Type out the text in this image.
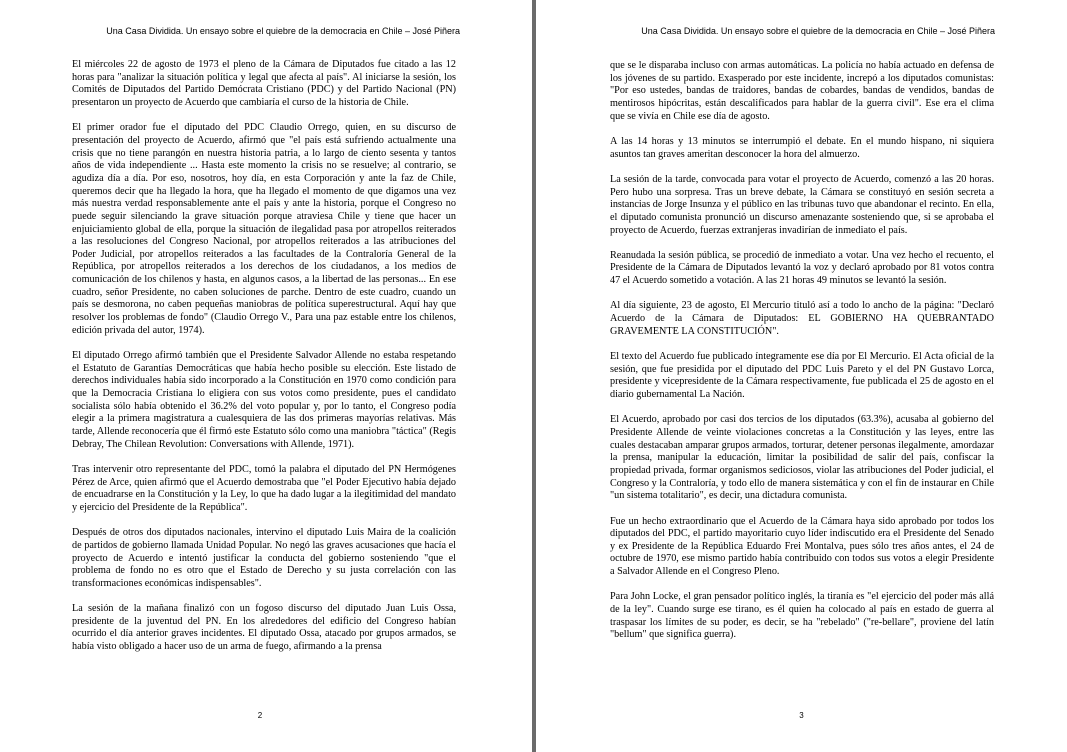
Una Casa Dividida. Un ensayo sobre el quiebre de la democracia en Chile – José Piñera

El miércoles 22 de agosto de 1973 el pleno de la Cámara de Diputados fue citado a las 12 horas para "analizar la situación política y legal que afecta al país". Al iniciarse la sesión, los Comités de Diputados del Partido Demócrata Cristiano (PDC) y del Partido Nacional (PN) presentaron un proyecto de Acuerdo que cambiaría el curso de la historia de Chile.

El primer orador fue el diputado del PDC Claudio Orrego, quien, en su discurso de presentación del proyecto de Acuerdo, afirmó que "el país está sufriendo actualmente una crisis que no tiene parangón en nuestra historia patria, a lo largo de ciento sesenta y tantos años de vida independiente ... Hasta este momento la crisis no se resuelve; al contrario, se agudiza día a día. Por eso, nosotros, hoy día, en esta Corporación y ante la faz de Chile, queremos decir que ha llegado la hora, que ha llegado el momento de que digamos una vez más nuestra verdad responsablemente ante el país y ante la historia, porque el Congreso no puede seguir silenciando la grave situación porque atraviesa Chile y tiene que hacer un enjuiciamiento global de ella, porque la situación de ilegalidad pasa por atropellos reiterados a las resoluciones del Congreso Nacional, por atropellos reiterados a las atribuciones del Poder Judicial, por atropellos reiterados a las facultades de la Contraloría General de la República, por atropellos reiterados a los derechos de los ciudadanos, a los medios de comunicación de los chilenos y hasta, en algunos casos, a la libertad de las personas... En ese cuadro, señor Presidente, no caben soluciones de parche. Dentro de este cuadro, cuando un país se desmorona, no caben pequeñas maniobras de política superestructural. Aquí hay que resolver los problemas de fondo" (Claudio Orrego V., Para una paz estable entre los chilenos, edición privada del autor, 1974).

El diputado Orrego afirmó también que el Presidente Salvador Allende no estaba respetando el Estatuto de Garantías Democráticas que había hecho posible su elección. Este listado de derechos individuales había sido incorporado a la Constitución en 1970 como condición para que la Democracia Cristiana lo eligiera con sus votos como presidente, pues el candidato socialista sólo había obtenido el 36.2% del voto popular y, por lo tanto, el Congreso podía elegir a la primera magistratura a cualesquiera de las dos primeras mayorías relativas. Más tarde, Allende reconocería que él firmó este Estatuto sólo como una maniobra "táctica" (Regis Debray, The Chilean Revolution: Conversations with Allende, 1971).

Tras intervenir otro representante del PDC, tomó la palabra el diputado del PN Hermógenes Pérez de Arce, quien afirmó que el Acuerdo demostraba que "el Poder Ejecutivo había dejado de encuadrarse en la Constitución y la Ley, lo que ha dado lugar a la ilegitimidad del mandato y ejercicio del Presidente de la República".

Después de otros dos diputados nacionales, intervino el diputado Luis Maira de la coalición de partidos de gobierno llamada Unidad Popular. No negó las graves acusaciones que hacía el proyecto de Acuerdo e intentó justificar la conducta del gobierno sosteniendo "que el problema de fondo no es otro que el Estado de Derecho y su justa correlación con las transformaciones económicas indispensables".

La sesión de la mañana finalizó con un fogoso discurso del diputado Juan Luis Ossa, presidente de la juventud del PN. En los alrededores del edificio del Congreso habían ocurrido el día anterior graves incidentes. El diputado Ossa, atacado por grupos armados, se había visto obligado a hacer uso de un arma de fuego, afirmando a la prensa

2
Una Casa Dividida. Un ensayo sobre el quiebre de la democracia en Chile – José Piñera

que se le disparaba incluso con armas automáticas. La policía no había actuado en defensa de los jóvenes de su partido. Exasperado por este incidente, increpó a los diputados comunistas: "Por eso ustedes, bandas de traidores, bandas de cobardes, bandas de vendidos, bandas de mentirosos hipócritas, están descalificados para hablar de la guerra civil". Ese era el clima que se vivía en Chile ese día de agosto.

A las 14 horas y 13 minutos se interrumpió el debate. En el mundo hispano, ni siquiera asuntos tan graves ameritan desconocer la hora del almuerzo.

La sesión de la tarde, convocada para votar el proyecto de Acuerdo, comenzó a las 20 horas. Pero hubo una sorpresa. Tras un breve debate, la Cámara se constituyó en sesión secreta a instancias de Jorge Insunza y el público en las tribunas tuvo que abandonar el recinto. En ella, el diputado comunista pronunció un discurso amenazante sosteniendo que, si se aprobaba el proyecto de Acuerdo, fuerzas extranjeras invadirían de inmediato el país.

Reanudada la sesión pública, se procedió de inmediato a votar. Una vez hecho el recuento, el Presidente de la Cámara de Diputados levantó la voz y declaró aprobado por 81 votos contra 47 el Acuerdo sometido a votación. A las 21 horas 49 minutos se levantó la sesión.

Al día siguiente, 23 de agosto, El Mercurio tituló así a todo lo ancho de la página: "Declaró Acuerdo de la Cámara de Diputados: EL GOBIERNO HA QUEBRANTADO GRAVEMENTE LA CONSTITUCIÓN".

El texto del Acuerdo fue publicado íntegramente ese día por El Mercurio. El Acta oficial de la sesión, que fue presidida por el diputado del PDC Luis Pareto y el del PN Gustavo Lorca, presidente y vicepresidente de la Cámara respectivamente, fue publicada el 25 de agosto en el diario gubernamental La Nación.

El Acuerdo, aprobado por casi dos tercios de los diputados (63.3%), acusaba al gobierno del Presidente Allende de veinte violaciones concretas a la Constitución y las leyes, entre las cuales destacaban amparar grupos armados, torturar, detener personas ilegalmente, amordazar la prensa, manipular la educación, limitar la posibilidad de salir del país, confiscar la propiedad privada, formar organismos sediciosos, violar las atribuciones del Poder judicial, el Congreso y la Contraloría, y todo ello de manera sistemática y con el fin de instaurar en Chile "un sistema totalitario", es decir, una dictadura comunista.

Fue un hecho extraordinario que el Acuerdo de la Cámara haya sido aprobado por todos los diputados del PDC, el partido mayoritario cuyo líder indiscutido era el Presidente del Senado y ex Presidente de la República Eduardo Frei Montalva, pues sólo tres años antes, el 24 de octubre de 1970, ese mismo partido había contribuido con todos sus votos a elegir Presidente a Salvador Allende en el Congreso Pleno.

Para John Locke, el gran pensador político inglés, la tiranía es "el ejercicio del poder más allá de la ley". Cuando surge ese tirano, es él quien ha colocado al país en estado de guerra al traspasar los límites de su poder, es decir, se ha "rebelado" ("re-bellare", proviene del latín "bellum" que significa guerra).

3
